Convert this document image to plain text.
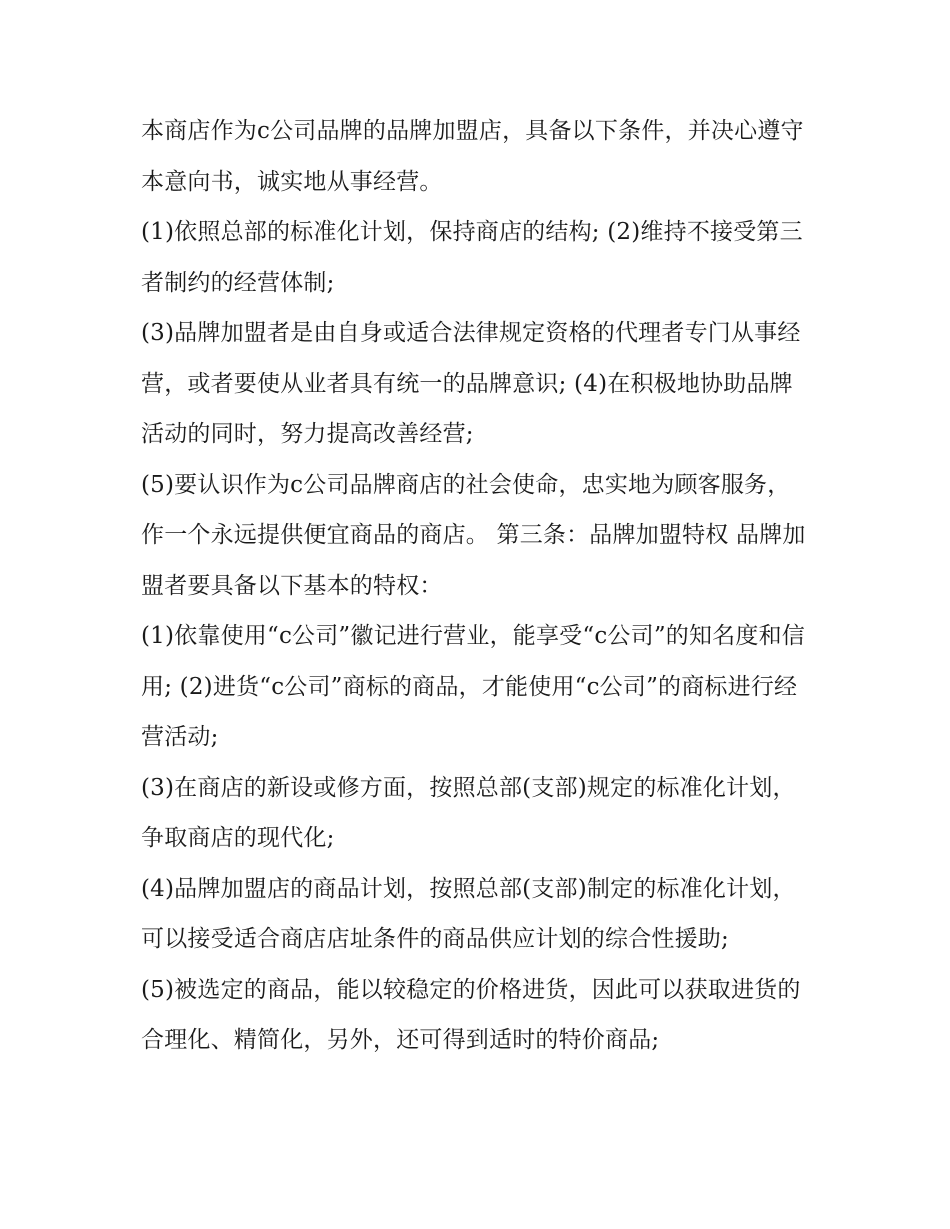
本商店作为c公司品牌的品牌加盟店，具备以下条件，并决心遵守本意向书，诚实地从事经营。

(1)依照总部的标准化计划，保持商店的结构; (2)维持不接受第三者制约的经营体制;

(3)品牌加盟者是由自身或适合法律规定资格的代理者专门从事经营，或者要使从业者具有统一的品牌意识; (4)在积极地协助品牌活动的同时，努力提高改善经营;

(5)要认识作为c公司品牌商店的社会使命，忠实地为顾客服务，作一个永远提供便宜商品的商店。 第三条：品牌加盟特权 品牌加盟者要具备以下基本的特权：

(1)依靠使用“c公司”徽记进行营业，能享受“c公司”的知名度和信用; (2)进货“c公司”商标的商品，才能使用“c公司”的商标进行经营活动;

(3)在商店的新设或修方面，按照总部(支部)规定的标准化计划，争取商店的现代化;

(4)品牌加盟店的商品计划，按照总部(支部)制定的标准化计划，可以接受适合商店店址条件的商品供应计划的综合性援助;

(5)被选定的商品，能以较稳定的价格进货，因此可以获取进货的合理化、精简化，另外，还可得到适时的特价商品;
